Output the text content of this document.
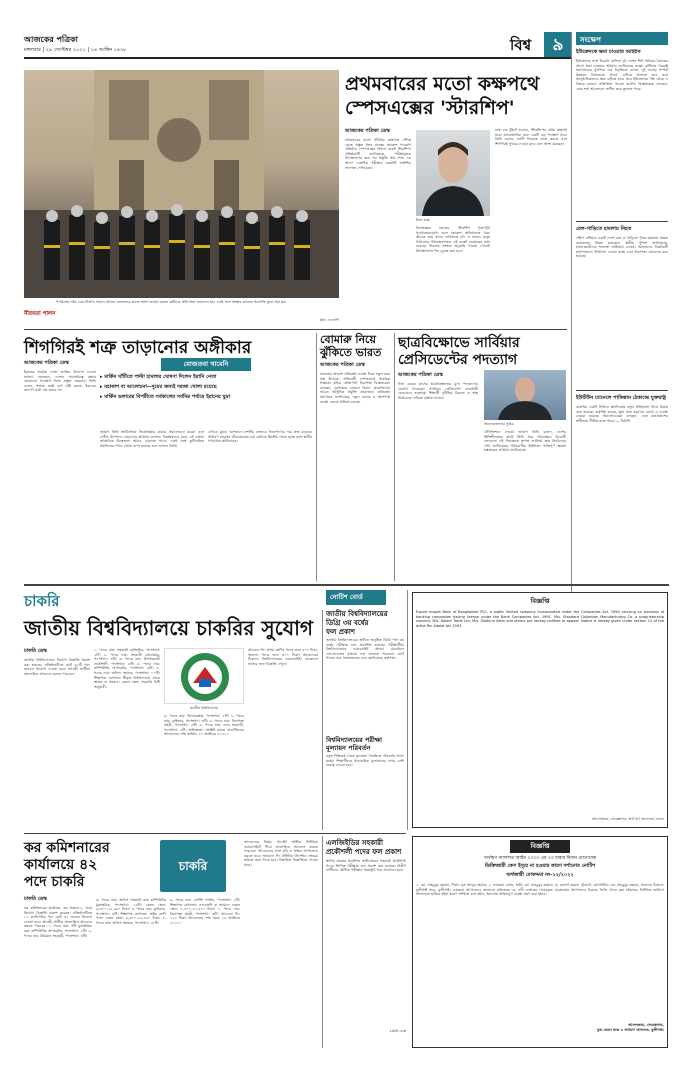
আজকের পত্রিকা
মঙ্গলবার | ২৯ সেপ্টেম্বর ২০২১ | ১৪ আশ্বিন ১৪২৮	বিশ্ব	৯	সংক্ষেপ
ইউক্রেনকে ক্ষমা চাওয়ার আহ্বান
ইউক্রেনের সঙ্গে বিরোধ মেটাতে দুই দেশের শীর্ষ পর্যায়ের বৈঠকের আগে ক্ষমা চাওয়ার আহ্বান জানিয়েছে মস্কো। রাশিয়ার পররাষ্ট্র মন্ত্রণালয়ের মুখপাত্র এক বিবৃতিতে বলেন, দুই দেশের সম্পর্ক উন্নয়নে কিয়েভকে আগে এগিয়ে আসতে হবে এবং আনুষ্ঠানিকভাবে ক্ষমা চাইতে হবে। তবে ইউক্রেনের পক্ষ থেকে এ বিষয়ে কোনো প্রতিক্রিয়া পাওয়া যায়নি। বিশ্লেষকেরা বলছেন, এমন শর্ত আলোচনা জটিল করে তুলতে পারে।
রেল-গাড়িতে হামলায় নিহত
দক্ষিণ এশিয়ার একটি দেশে রেল ও গাড়িতে পৃথক হামলায় অন্তত কয়েকজন নিহত হয়েছেন। স্থানীয় পুলিশ জানিয়েছে, হামলাকারীদের শনাক্তে অভিযান চলছে। আহতদের নিকটবর্তী হাসপাতালে চিকিৎসা দেওয়া হচ্ছে এবং নিরাপত্তা জোরদার করা হয়েছে।
ইউটিউব চ্যানেলে পাকিস্তান ঠেকাচ্ছে যুক্তরাষ্ট্র
জনপ্রিয় একটি ভিডিও প্ল্যাটফর্মের নতুন নীতিমালা নিয়ে বিতর্ক শুরু হয়েছে। কর্তৃপক্ষ বলছে, ভুয়া তথ্য ছড়ানো রোধে এ ব্যবস্থা নেওয়া হয়েছে। সমালোচকেরা বলছেন, এতে মতপ্রকাশের স্বাধীনতা সীমিত হতে পারে। — বিবিসি
নীরবতা পালন
প্যারিসের নটর ডেম গির্জার সামনে আগুন নেভানোর কাজে অংশ নেওয়া দমকল কর্মীদের প্রতি শ্রদ্ধা জানানো হয়। একই সঙ্গে সংস্কার কাজের অগ্রগতি তুলে ধরা হয়।
ছবি: এএফপি
প্রথমবারের মতো কক্ষপথে
স্পেসএক্সের 'স্টারশিপ'
আজকের পত্রিকা ডেস্ক
প্রথমবারের মতো পৃথিবীর কক্ষপথে পৌঁছে যেতে প্রস্তুত ইলন মাস্কের মহাকাশ গবেষণা প্রতিষ্ঠান স্পেসএক্সের বিশাল রকেট স্টারশিপ। প্রতিষ্ঠানটি জানিয়েছে, পরীক্ষামূলক উৎক্ষেপণের জন্য সব প্রস্তুতি প্রায় শেষ। এর আগে একাধিক পরীক্ষায় রকেটটি আংশিক সফলতা দেখিয়েছে।
ইলন মাস্ক
বিশেষজ্ঞরা বলছেন, স্টারশিপ পুরোপুরি পুনর্ব্যবহারযোগ্য হলে মহাকাশ অভিযানের খরচ অনেক কমে যাবে। ভবিষ্যতে চাঁদ ও মঙ্গলে মানুষ পাঠানোর পরিকল্পনাতেও এই রকেট ব্যবহারের কথা রয়েছে। নিয়ন্ত্রক সংস্থার অনুমতি পাওয়া গেলেই উৎক্ষেপণের দিন চূড়ান্ত করা হবে।
মাস্ক এক টুইটে জানান, স্টারশিপের প্রথম কক্ষপথ যাত্রা মানবজাতির জন্য একটি বড় পদক্ষেপ হবে। তিনি বলেন, দলটি দিনরাত কাজ করছে এবং শিগগিরই সুখবর দেওয়া যাবে বলে আশা করছেন।
শিগগিরই শত্রু তাড়ানোর অঙ্গীকার
আজকের পত্রিকা ডেস্ক
ইরানের সর্বোচ্চ নেতা জাতির উদ্দেশে দেওয়া ভাষণে বলেছেন, দেশের সার্বভৌমত্ব রক্ষায় যেকোনো পদক্ষেপ নিতে প্রস্তুত তেহরান। তিনি বলেন, শত্রুরা যতই চাপ সৃষ্টি করুক, ইরানের জনগণ মাথা নত করবে না।
মোজতবা খামেনি
▸ মার্কিন ঘাঁটিতে পাল্টা হামলার ঘোষণা দিলেন ইরানি নেতা
▸ মহাকাশ বা আলোচনা—দুয়ের জন্যই দরজা খোলা রয়েছে
▸ মার্কিন ডলারের বিপরীতে সর্বকালের সর্বনিম্ন পর্যায়ে ইরানের মুদ্রা
ভাষণে তিনি অর্থনৈতিক নিষেধাজ্ঞার কঠোর সমালোচনা করেন এবং দেশীয় উৎপাদন বাড়ানোর আহ্বান জানান। বিশ্লেষকদের মতে, এই বক্তব্য আঞ্চলিক উত্তেজনা আরও বাড়াতে পারে। একই সঙ্গে কূটনৈতিক সমাধানের পথও খোলা রাখা হয়েছে বলে জানান তিনি।
এদিকে মুদ্রার দরপতনে দেশটির বাজারে নিত্যপণ্যের দাম দ্রুত বাড়ছে। সাধারণ মানুষের জীবনযাত্রার ব্যয় মেটাতে হিমশিম খেতে হচ্ছে বলে স্থানীয় গণমাধ্যম জানিয়েছে।
বোমারু নিয়ে
ঝুঁকিতে ভারত
আজকের পত্রিকা ডেস্ক
ভারতের আকাশ প্রতিরক্ষা ব্যবস্থা নিয়ে নতুন করে প্রশ্ন উঠেছে। প্রতিবেশী দেশগুলোর সামরিক সক্ষমতা বৃদ্ধির প্রেক্ষাপটে নিরাপত্তা বিশ্লেষকেরা বলছেন, দূরপাল্লার বোমারু বিমান মোকাবিলায় আরও আধুনিক প্রযুক্তি প্রয়োজন। প্রতিরক্ষা মন্ত্রণালয় জানিয়েছে, নতুন রাডার ও ক্ষেপণাস্ত্র ব্যবস্থা কেনার প্রক্রিয়া চলছে।
ছাত্রবিক্ষোভে সার্বিয়ার
প্রেসিডেন্টের পদত্যাগ
আজকের পত্রিকা ডেস্ক
টানা কয়েক মাসের ছাত্রবিক্ষোভের মুখে পদত্যাগের ঘোষণা দিয়েছেন সার্বিয়ার প্রেসিডেন্ট। রাজধানী বেলগ্রেডে হাজারো শিক্ষার্থী দুর্নীতির বিরুদ্ধে ও স্বচ্ছ নির্বাচনের দাবিতে রাস্তায় নামেন।
আলেকজান্ডার ভুচিচ
টেলিভিশনে দেওয়া ভাষণে তিনি বলেন, দেশের স্থিতিশীলতার স্বার্থে তিনি সরে দাঁড়াচ্ছেন। বিরোধী দলগুলো এই সিদ্ধান্তকে স্বাগত জানিয়ে দ্রুত নির্বাচনের দাবি জানিয়েছে। ইউরোপীয় ইউনিয়ন শান্তিপূর্ণ ক্ষমতা হস্তান্তরের আহ্বান জানিয়েছে।
চাকরি
জাতীয় বিশ্ববিদ্যালয়ে চাকরির সুযোগ
চাকরি ডেস্ক
জাতীয় বিশ্ববিদ্যালয়ে নিয়োগ বিজ্ঞপ্তি প্রকাশ করা হয়েছে। প্রতিষ্ঠানটিতে মোট ৪২টি পদে জনবল নিয়োগ দেওয়া হবে। আগ্রহী প্রার্থীরা অনলাইনে আবেদন করতে পারবেন।
১. পদের নাম: সহকারী রেজিস্ট্রার, পদসংখ্যা: ২টি। ২. পদের নাম: সহকারী প্রোগ্রামার, পদসংখ্যা: ৩টি। ৩. পদের নাম: উপসহকারী প্রকৌশলী, পদসংখ্যা: ৪টি। ৪. পদের নাম: কম্পিউটার অপারেটর, পদসংখ্যা: ৬টি। ৫. পদের নাম: অফিস সহায়ক, পদসংখ্যা: ১০টি। শিক্ষাগত যোগ্যতা: স্বীকৃত বিশ্ববিদ্যালয় থেকে স্নাতক বা সমমান। বেতন স্কেল: সরকারি বিধি অনুযায়ী।
জাতীয় বিশ্ববিদ্যালয়
৬. পদের নাম: হিসাবরক্ষক, পদসংখ্যা: ২টি। ৭. পদের নাম: ড্রাইভার, পদসংখ্যা: ৩টি। ৮. পদের নাম: নিরাপত্তা প্রহরী, পদসংখ্যা: ৫টি। ৯. পদের নাম: ল্যাব সহকারী, পদসংখ্যা: ২টি। অভিজ্ঞতা: সংশ্লিষ্ট কাজে অগ্রাধিকার। আবেদনের শেষ তারিখ: ২০ অক্টোবর ২০২১।
আবেদন ফি: প্রথম শ্রেণির পদের জন্য ৫০০ টাকা, অন্যান্য পদের জন্য ৩০০ টাকা। আবেদনের ঠিকানা: বিশ্ববিদ্যালয়ের ওয়েবসাইট। যেকোনো তথ্যের জন্য বিজ্ঞপ্তি দেখুন।
নোটিশ বোর্ড
জাতীয় বিশ্ববিদ্যালয়ের
ডিগ্রি ৩য় বর্ষের
ফল প্রকাশ
জাতীয় বিশ্ববিদ্যালয়ের অধীনে অনুষ্ঠিত ডিগ্রি পাস ৩য় বর্ষের পরীক্ষার ফল প্রকাশিত হয়েছে। পরীক্ষার্থীরা বিশ্ববিদ্যালয়ের ওয়েবসাইট অথবা মোবাইলে এসএমএসের মাধ্যমে ফল জানতে পারবেন। মোট পাসের হার সন্তোষজনক বলে জানিয়েছে কর্তৃপক্ষ।
বিশ্ববিদ্যালয়ের পরীক্ষা
মূল্যায়ন পরিবর্তন
নতুন শিক্ষাবর্ষ থেকে মূল্যায়ন পদ্ধতিতে পরিবর্তন আনা হচ্ছে। শিক্ষার্থীদের ধারাবাহিক মূল্যায়নের ওপর বেশি গুরুত্ব দেওয়া হবে।
বিজ্ঞপ্তি
Export Import Bank of Bangladesh PLC. a public limited company incorporated under the Companies Act, 1994 carrying on business of banking companies having license under the Bank Companies Act, 1991. M/s. Standard Collection Manufacturing Co. a proprietorship concern; M/s. Kalam Trade Ltd; M/s. Shahina Alam and others are hereby notified to appear. Notice is hereby given under section 12 of the Artha Rin Adalat Ain 2003.
আদেশক্রমে, সেরেস্তাদার, অর্থ ঋণ আদালত, ঢাকা।
এলজিইডির সহকারী প্রকৌশলী পদের ফল প্রকাশ
স্থানীয় সরকার প্রকৌশল অধিদপ্তরের সহকারী প্রকৌশলী পদের লিখিত পরীক্ষার ফল প্রকাশ করা হয়েছে। উত্তীর্ণ প্রার্থীদের মৌখিক পরীক্ষার সময়সূচি পরে জানানো হবে।
চাকরি ডেস্ক
কর কমিশনারের
কার্যালয়ে ৪২
পদে চাকরি
চাকরি
চাকরি ডেস্ক
কর কমিশনারের কার্যালয়, কর অঞ্চল-২, ঢাকা নিয়োগ বিজ্ঞপ্তি প্রকাশ করেছে। প্রতিষ্ঠানটিতে ১১ ক্যাটাগরির পদে মোট ৪২ জনকে নিয়োগ দেওয়া হবে। আগ্রহী প্রার্থীরা অনলাইনে আবেদন করতে পারবেন। ১. পদের নাম: সাঁট মুদ্রাক্ষরিক কাম কম্পিউটার অপারেটর, পদসংখ্যা: ২টি। ২. পদের নাম: উচ্চমান সহকারী, পদসংখ্যা: ৩টি।
৩. পদের নাম: অফিস সহকারী কাম কম্পিউটার মুদ্রাক্ষরিক, পদসংখ্যা: ১৫টি। বেতন স্কেল: ৯,৩০০-২২,৪৯০ টাকা। ৪. পদের নাম: ড্রাইভার, পদসংখ্যা: ৪টি। শিক্ষাগত যোগ্যতা: অষ্টম শ্রেণি পাস। বেতন স্কেল: ৯,৩০০-২২,৪৯০ টাকা। ৫. পদের নাম: অফিস সহায়ক, পদসংখ্যা: ১৮টি।
৬. পদের নাম: নোটিশ সার্ভার, পদসংখ্যা: ২টি। শিক্ষাগত যোগ্যতা: এসএসসি বা সমমান। বেতন স্কেল: ৮,৫০০-২০,৫৭০ টাকা। ৭. পদের নাম: নিরাপত্তা প্রহরী, পদসংখ্যা: ৩টি। আবেদন ফি: ১১২ টাকা। আবেদনের শেষ সময়: ১৯ অক্টোবর ২০২১।
আবেদনের নিয়ম: আগ্রহী প্রার্থীরা নির্ধারিত ওয়েবসাইটে গিয়ে অনলাইনে আবেদন করতে পারবেন। আবেদনের সঙ্গে ছবি ও স্বাক্ষর আপলোড করতে হবে। আবেদন ফি টেলিটক প্রিপেইড নম্বরের মাধ্যমে জমা দিতে হবে। বিস্তারিত বিজ্ঞপ্তিতে পাওয়া যাবে।
বিজ্ঞপ্তি
অর্থঋণ আদালত আইন ২০০৩ এর ৩৩ ধারার বিধান মোতাবেক
ডিক্রিজারী কেস ইস্যুর না হওয়ার কারণ দর্শানোর নোটিশ
অর্থজারী মোকদ্দমা নং-১২/২০২২
১. মো. মাহবুবুর রহমান, পিতা: মৃত আব্দুর রহমান; ২. ফাতেমা বেগম, স্বামী: মো. মাহবুবুর রহমান; ৩. মেসার্স রহমান ট্রেডার্স, প্রোপ্রাইটর: মো. মাহবুবুর রহমান, সকলের ঠিকানা: মুন্সীগঞ্জ সদর, মুন্সীগঞ্জ। এতদ্বারা আপনাদের জানানো যাইতেছে যে, বাদী ব্যাংকের দায়েরকৃত মোকদ্দমায় আপনাদের বিরুদ্ধে ডিক্রি প্রদান করা হইয়াছে। নির্ধারিত তারিখে আদালতে হাজির হইয়া কারণ দর্শাইতে বলা হইল, অন্যথায় আইনানুগ ব্যবস্থা গ্রহণ করা হইবে।
আদেশক্রমে, সেরেস্তাদার,
যুগ্ম জেলা জজ ও অর্থঋণ আদালত, মুন্সীগঞ্জ।
